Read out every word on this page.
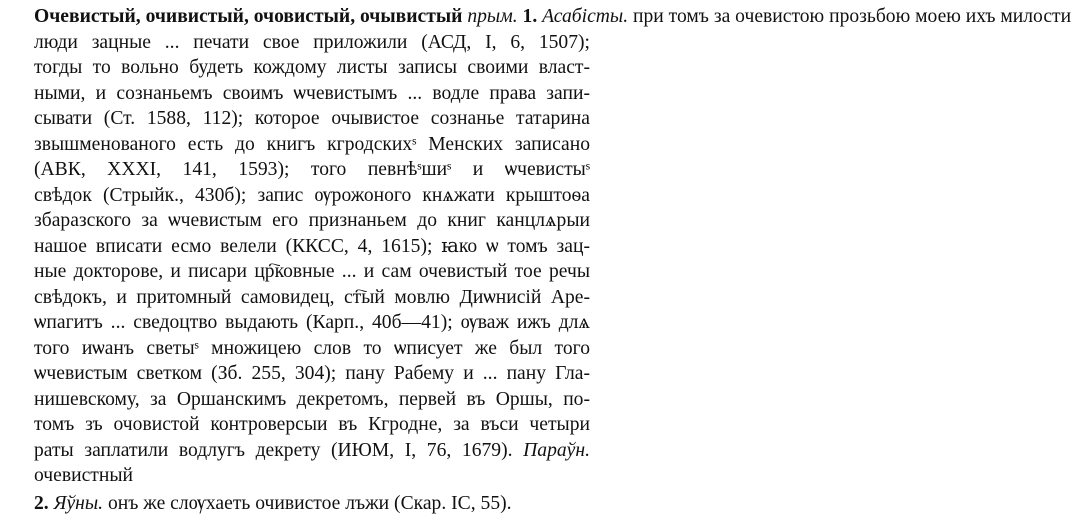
Очевистый, очивистый, очовистый, очывистый прым. 1. Асабісты. при томъ за очевистою прозьбою моею ихъ милости
люди зацные ... печати свое приложили (АСД, І, 6, 1507);
тогды то вольно будеть кождому листы записы своими власт-
ными, и сознаньемъ своимъ ѡчевистымъ ... водле права запи-
сывати (Ст. 1588, 112); которое очывистое сознанье татарина
звышменованого есть до книгъ кгродскихˢ Менских записано
(АВК, XXXI, 141, 1593); того певнѣˢшиˢ и ѡчевистыˢ
свѣдок (Стрыйк., 430б); запис ѹрожоного кнѧжати крыштоѳа
збаразского за ѡчевистым его признаньем до книг канцлѧрыи
нашое вписати есмо велели (ККСС, 4, 1615); ꙗко ѡ томъ зац-
ные докторове, и писари цр҇ковные ... и сам очевистый тое речы
свѣдокъ, и притомный самовидец, ст҇ый мовлю Диѡнисій Аре-
ѡпагитъ ... сведоцтво выдають (Карп., 40б—41); ѹваж ижъ длѧ
того иѡанъ светыˢ множицею слов то ѡписует же был того
ѡчевистым светком (Зб. 255, 304); пану Рабему и ... пану Гла-
нишевскому, за Оршанскимъ декретомъ, первей въ Оршы, по-
томъ зъ очовистой контроверсыи въ Кгродне, за въси четыри
раты заплатили водлугъ декрету (ИЮМ, І, 76, 1679). Параўн.
очевистный

2. Яўны. онъ же слѹхаеть очивистое лъжи (Скар. ІС, 55).
